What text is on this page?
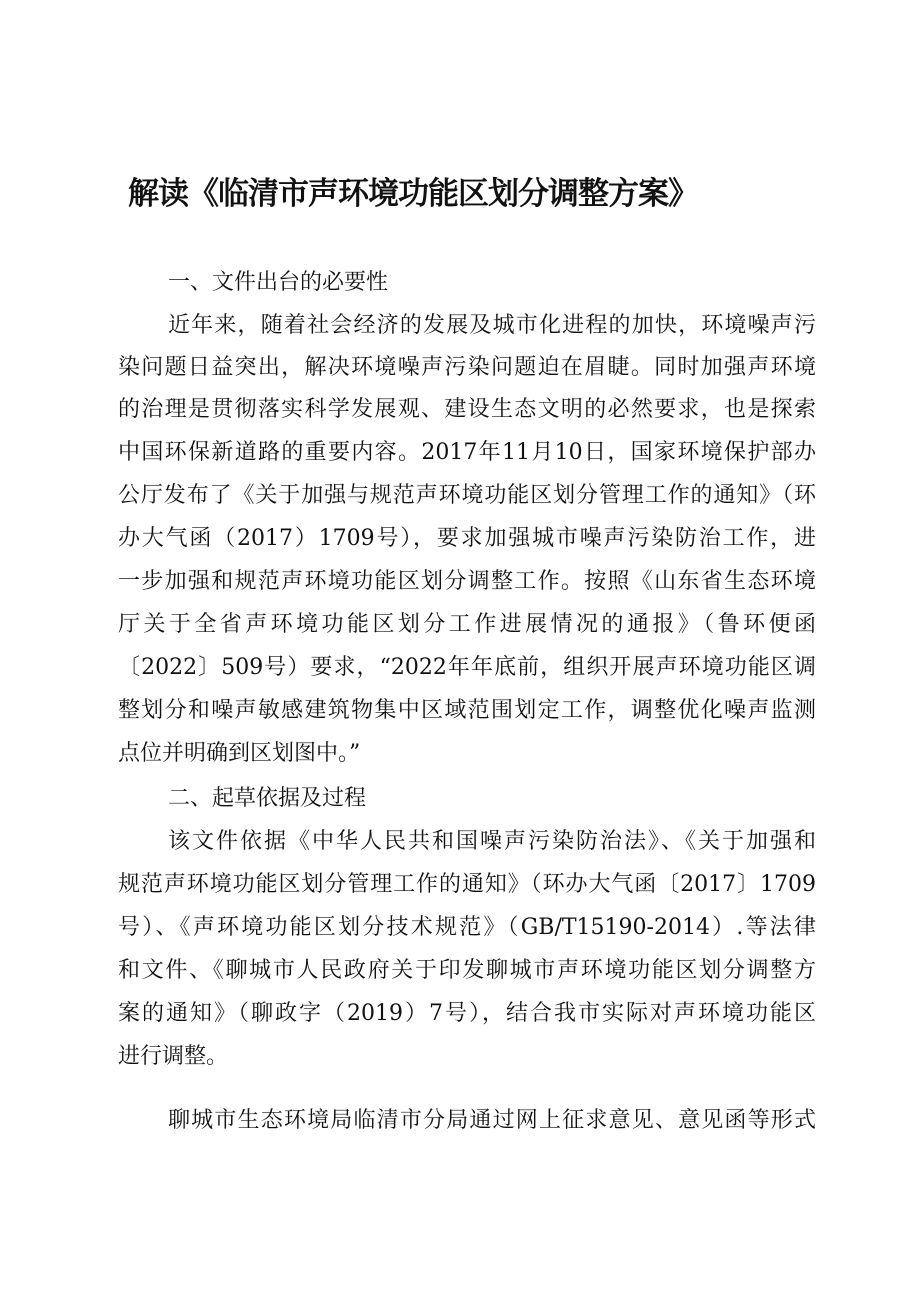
解读《临清市声环境功能区划分调整方案》

一、文件出台的必要性

近年来，随着社会经济的发展及城市化进程的加快，环境噪声污

染问题日益突出，解决环境噪声污染问题迫在眉睫。同时加强声环境

的治理是贯彻落实科学发展观、建设生态文明的必然要求，也是探索

中国环保新道路的重要内容。2017年11月10日，国家环境保护部办

公厅发布了《关于加强与规范声环境功能区划分管理工作的通知》（环

办大气函（2017）1709号），要求加强城市噪声污染防治工作，进

一步加强和规范声环境功能区划分调整工作。按照《山东省生态环境

厅关于全省声环境功能区划分工作进展情况的通报》（鲁环便函

〔2022〕509号）要求，“2022年年底前，组织开展声环境功能区调

整划分和噪声敏感建筑物集中区域范围划定工作，调整优化噪声监测

点位并明确到区划图中。”

二、起草依据及过程

该文件依据《中华人民共和国噪声污染防治法》、《关于加强和

规范声环境功能区划分管理工作的通知》（环办大气函〔2017〕1709

号）、《声环境功能区划分技术规范》（GB/T15190-2014）.等法律

和文件、《聊城市人民政府关于印发聊城市声环境功能区划分调整方

案的通知》（聊政字（2019）7号），结合我市实际对声环境功能区

进行调整。

聊城市生态环境局临清市分局通过网上征求意见、意见函等形式
